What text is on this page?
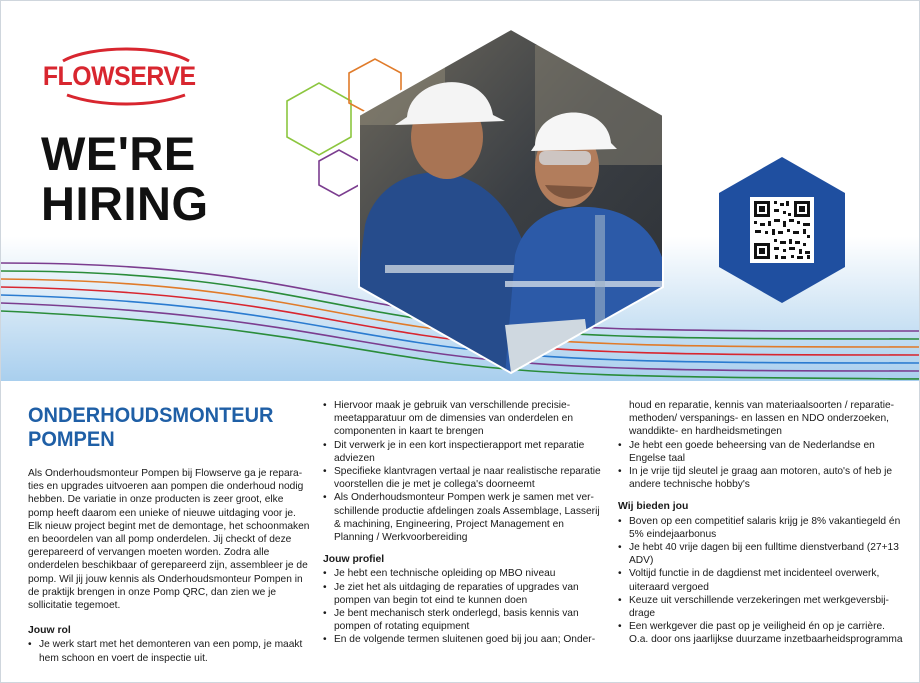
FLOWSERVE
WE'RE
HIRING
ONDERHOUDSMONTEUR
POMPEN
Als Onderhoudsmonteur Pompen bij Flowserve ga je reparaties en upgrades uitvoeren aan pompen die onderhoud nodig hebben. De variatie in onze producten is zeer groot, elke pomp heeft daarom een unieke of nieuwe uitdaging voor je. Elk nieuw project begint met de demontage, het schoonmaken en beoordelen van all pomp onderdelen. Jij checkt of deze gerepareerd of vervangen moeten worden. Zodra alle onderdelen beschikbaar of gerepareerd zijn, assembleer je de pomp. Wil jij jouw kennis als Onderhoudsmonteur Pompen in de praktijk brengen in onze Pomp QRC, dan zien we je sollicitatie tegemoet.
Jouw rol
• Je werk start met het demonteren van een pomp, je maakt hem schoon en voert de inspectie uit.
• Hiervoor maak je gebruik van verschillende precisie-meetapparatuur om de dimensies van onderdelen en componenten in kaart te brengen
• Dit verwerk je in een kort inspectierapport met reparatie adviezen
• Specifieke klantvragen vertaal je naar realistische reparatie voorstellen die je met je collega's doorneemt
• Als Onderhoudsmonteur Pompen werk je samen met verschillende productie afdelingen zoals Assemblage, Lasserij & machining, Engineering, Project Management en Planning / Werkvoorbereiding
Jouw profiel
• Je hebt een technische opleiding op MBO niveau
• Je ziet het als uitdaging de reparaties of upgrades van pompen van begin tot eind te kunnen doen
• Je bent mechanisch sterk onderlegd, basis kennis van pompen of rotating equipment
• En de volgende termen sluitenen goed bij jou aan; Onder-
houd en reparatie, kennis van materiaalsoorten / reparatiemethoden/ verspanings- en lassen en NDO onderzoeken, wanddikte- en hardheidsmetingen
• Je hebt een goede beheersing van de Nederlandse en Engelse taal
• In je vrije tijd sleutel je graag aan motoren, auto's of heb je andere technische hobby's
Wij bieden jou
• Boven op een competitief salaris krijg je 8% vakantiegeld én 5% eindejaarbonus
• Je hebt 40 vrije dagen bij een fulltime dienstverband (27+13 ADV)
• Voltijd functie in de dagdienst met incidenteel overwerk, uiteraard vergoed
• Keuze uit verschillende verzekeringen met werkgeversbijdrage
• Een werkgever die past op je veiligheid én op je carrière. O.a. door ons jaarlijkse duurzame inzetbaarheidsprogramma
